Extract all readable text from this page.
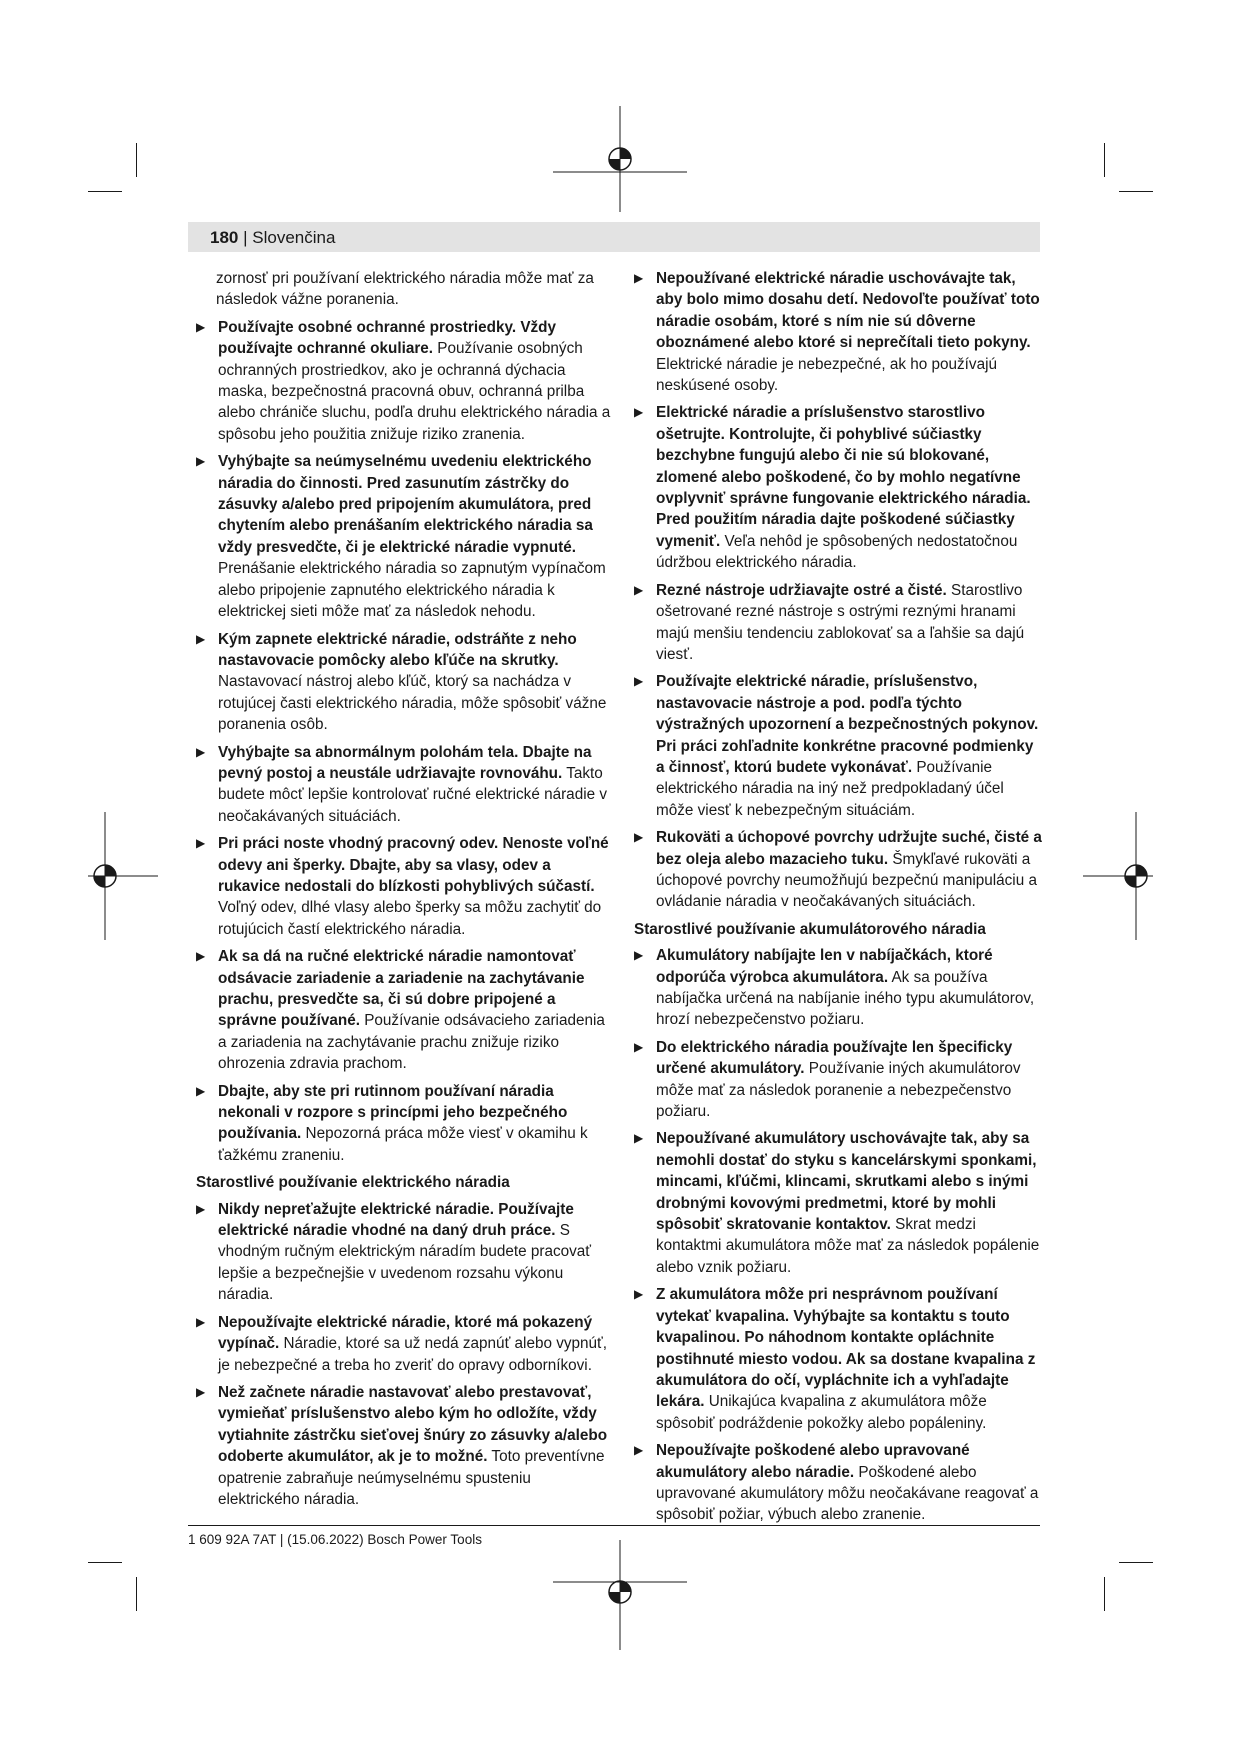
180 | Slovenčina
zornosť pri používaní elektrického náradia môže mať za následok vážne poranenia.
▶ Používajte osobné ochranné prostriedky. Vždy používajte ochranné okuliare. Používanie osobných ochranných prostriedkov, ako je ochranná dýchacia maska, bezpečnostná pracovná obuv, ochranná prilba alebo chrániče sluchu, podľa druhu elektrického náradia a spôsobu jeho použitia znižuje riziko zranenia.
▶ Vyhýbajte sa neúmyselnému uvedeniu elektrického náradia do činnosti. Pred zasunutím zástrčky do zásuvky a/alebo pred pripojením akumulátora, pred chytením alebo prenášaním elektrického náradia sa vždy presvedčte, či je elektrické náradie vypnuté. Prenášanie elektrického náradia so zapnutým vypínačom alebo pripojenie zapnutého elektrického náradia k elektrickej sieti môže mať za následok nehodu.
▶ Kým zapnete elektrické náradie, odstráňte z neho nastavovacie pomôcky alebo kľúče na skrutky. Nastavovací nástroj alebo kľúč, ktorý sa nachádza v rotujúcej časti elektrického náradia, môže spôsobiť vážne poranenia osôb.
▶ Vyhýbajte sa abnormálnym polohám tela. Dbajte na pevný postoj a neustále udržiavajte rovnováhu. Takto budete môcť lepšie kontrolovať ručné elektrické náradie v neočakávaných situáciách.
▶ Pri práci noste vhodný pracovný odev. Nenoste voľné odevy ani šperky. Dbajte, aby sa vlasy, odev a rukavice nedostali do blízkosti pohyblivých súčastí. Voľný odev, dlhé vlasy alebo šperky sa môžu zachytiť do rotujúcich častí elektrického náradia.
▶ Ak sa dá na ručné elektrické náradie namontovať odsávacie zariadenie a zariadenie na zachytávanie prachu, presvedčte sa, či sú dobre pripojené a správne používané. Používanie odsávacieho zariadenia a zariadenia na zachytávanie prachu znižuje riziko ohrozenia zdravia prachom.
▶ Dbajte, aby ste pri rutinnom používaní náradia nekonali v rozpore s princípmi jeho bezpečného používania. Nepozorná práca môže viesť v okamihu k ťažkému zraneniu.
Starostlivé používanie elektrického náradia
▶ Nikdy nepreťažujte elektrické náradie. Používajte elektrické náradie vhodné na daný druh práce. S vhodným ručným elektrickým náradím budete pracovať lepšie a bezpečnejšie v uvedenom rozsahu výkonu náradia.
▶ Nepoužívajte elektrické náradie, ktoré má pokazený vypínač. Náradie, ktoré sa už nedá zapnúť alebo vypnúť, je nebezpečné a treba ho zveriť do opravy odborníkovi.
▶ Než začnete náradie nastavovať alebo prestavovať, vymieňať príslušenstvo alebo kým ho odložíte, vždy vytiahnite zástrčku sieťovej šnúry zo zásuvky a/alebo odoberte akumulátor, ak je to možné. Toto preventívne opatrenie zabraňuje neúmyselnému spusteniu elektrického náradia.
▶ Nepoužívané elektrické náradie uschovávajte tak, aby bolo mimo dosahu detí. Nedovoľte používať toto náradie osobám, ktoré s ním nie sú dôverne oboznámené alebo ktoré si neprečítali tieto pokyny. Elektrické náradie je nebezpečné, ak ho používajú neskúsené osoby.
▶ Elektrické náradie a príslušenstvo starostlivo ošetrujte. Kontrolujte, či pohyblivé súčiastky bezchybne fungujú alebo či nie sú blokované, zlomené alebo poškodené, čo by mohlo negatívne ovplyvniť správne fungovanie elektrického náradia. Pred použitím náradia dajte poškodené súčiastky vymeniť. Veľa nehôd je spôsobených nedostatočnou údržbou elektrického náradia.
▶ Rezné nástroje udržiavajte ostré a čisté. Starostlivo ošetrované rezné nástroje s ostrými reznými hranami majú menšiu tendenciu zablokovať sa a ľahšie sa dajú viesť.
▶ Používajte elektrické náradie, príslušenstvo, nastavovacie nástroje a pod. podľa týchto výstražných upozornení a bezpečnostných pokynov. Pri práci zohľadnite konkrétne pracovné podmienky a činnosť, ktorú budete vykonávať. Používanie elektrického náradia na iný než predpokladaný účel môže viesť k nebezpečným situáciám.
▶ Rukoväti a úchopové povrchy udržujte suché, čisté a bez oleja alebo mazacieho tuku. Šmykľavé rukoväti a úchopové povrchy neumožňujú bezpečnú manipuláciu a ovládanie náradia v neočakávaných situáciách.
Starostlivé používanie akumulátorového náradia
▶ Akumulátory nabíjajte len v nabíjačkách, ktoré odporúča výrobca akumulátora. Ak sa používa nabíjačka určená na nabíjanie iného typu akumulátorov, hrozí nebezpečenstvo požiaru.
▶ Do elektrického náradia používajte len špecificky určené akumulátory. Používanie iných akumulátorov môže mať za následok poranenie a nebezpečenstvo požiaru.
▶ Nepoužívané akumulátory uschovávajte tak, aby sa nemohli dostať do styku s kancelárskymi sponkami, mincami, kľúčmi, klincami, skrutkami alebo s inými drobnými kovovými predmetmi, ktoré by mohli spôsobiť skratovanie kontaktov. Skrat medzi kontaktmi akumulátora môže mať za následok popálenie alebo vznik požiaru.
▶ Z akumulátora môže pri nesprávnom používaní vytekať kvapalina. Vyhýbajte sa kontaktu s touto kvapalinou. Po náhodnom kontakte opláchnite postihnuté miesto vodou. Ak sa dostane kvapalina z akumulátora do očí, vypláchnite ich a vyhľadajte lekára. Unikajúca kvapalina z akumulátora môže spôsobiť podráždenie pokožky alebo popáleniny.
▶ Nepoužívajte poškodené alebo upravované akumulátory alebo náradie. Poškodené alebo upravované akumulátory môžu neočakávane reagovať a spôsobiť požiar, výbuch alebo zranenie.
1 609 92A 7AT | (15.06.2022) Bosch Power Tools
